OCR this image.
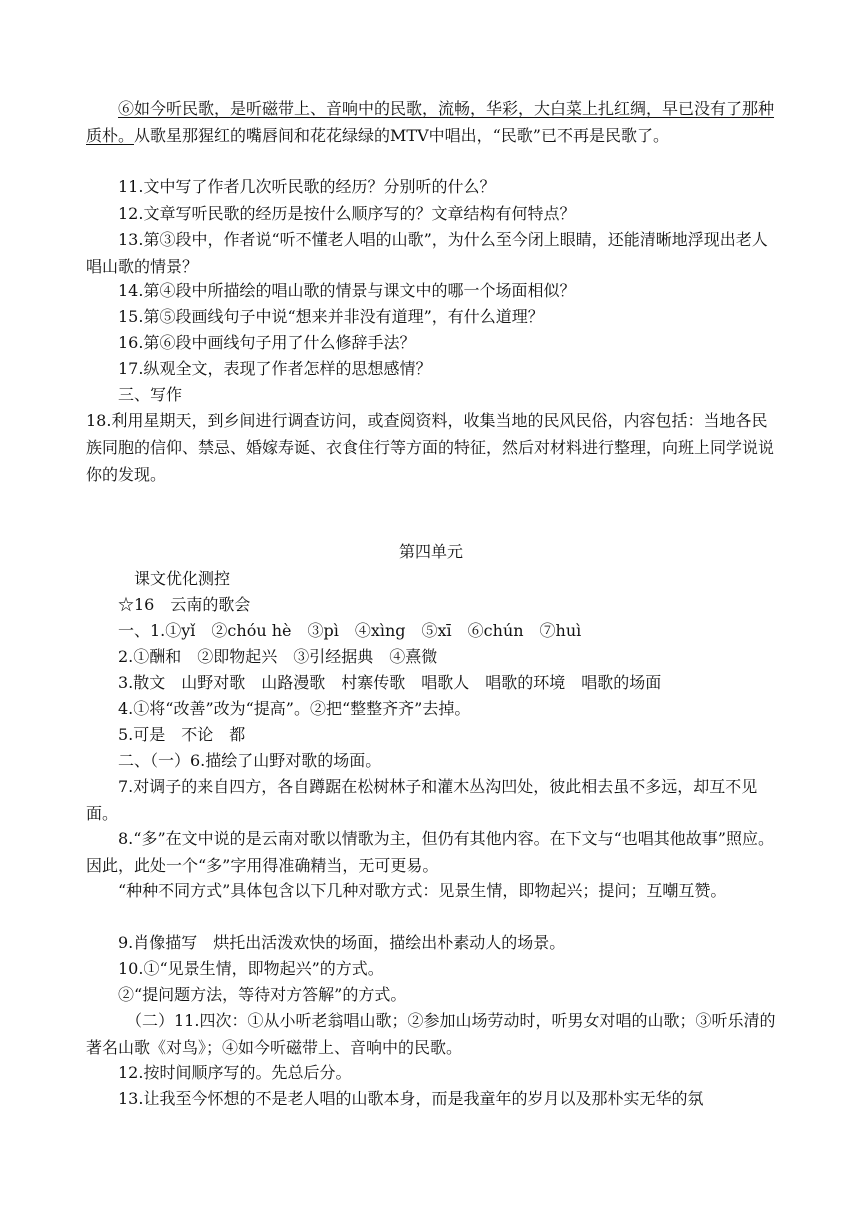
⑥如今听民歌，是听磁带上、音响中的民歌，流畅，华彩，大白菜上扎红绸，早已没有了那种质朴。从歌星那猩红的嘴唇间和花花绿绿的MTV中唱出，“民歌”已不再是民歌了。

11.文中写了作者几次听民歌的经历？分别听的什么？

12.文章写听民歌的经历是按什么顺序写的？文章结构有何特点？

13.第③段中，作者说“听不懂老人唱的山歌”，为什么至今闭上眼睛，还能清晰地浮现出老人唱山歌的情景？

14.第④段中所描绘的唱山歌的情景与课文中的哪一个场面相似？

15.第⑤段画线句子中说“想来并非没有道理”，有什么道理？

16.第⑥段中画线句子用了什么修辞手法？

17.纵观全文，表现了作者怎样的思想感情？

三、写作

18.利用星期天，到乡间进行调查访问，或查阅资料，收集当地的民风民俗，内容包括：当地各民族同胞的信仰、禁忌、婚嫁寿诞、衣食住行等方面的特征，然后对材料进行整理，向班上同学说说你的发现。

第四单元

课文优化测控

☆16　云南的歌会

一、1.①yǐ　②chóu hè　③pì　④xìng　⑤xī　⑥chún　⑦huì

2.①酬和　②即物起兴　③引经据典　④熹微

3.散文　山野对歌　山路漫歌　村寨传歌　唱歌人　唱歌的环境　唱歌的场面

4.①将“改善”改为“提高”。②把“整整齐齐”去掉。

5.可是　不论　都

二、（一）6.描绘了山野对歌的场面。

7.对调子的来自四方，各自蹲踞在松树林子和灌木丛沟凹处，彼此相去虽不多远，却互不见面。

8.“多”在文中说的是云南对歌以情歌为主，但仍有其他内容。在下文与“也唱其他故事”照应。因此，此处一个“多”字用得准确精当，无可更易。

“种种不同方式”具体包含以下几种对歌方式：见景生情，即物起兴；提问；互嘲互赞。

9.肖像描写　烘托出活泼欢快的场面，描绘出朴素动人的场景。

10.①“见景生情，即物起兴”的方式。

②“提问题方法，等待对方答解”的方式。

（二）11.四次：①从小听老翁唱山歌；②参加山场劳动时，听男女对唱的山歌；③听乐清的著名山歌《对鸟》；④如今听磁带上、音响中的民歌。

12.按时间顺序写的。先总后分。

13.让我至今怀想的不是老人唱的山歌本身，而是我童年的岁月以及那朴实无华的氛
